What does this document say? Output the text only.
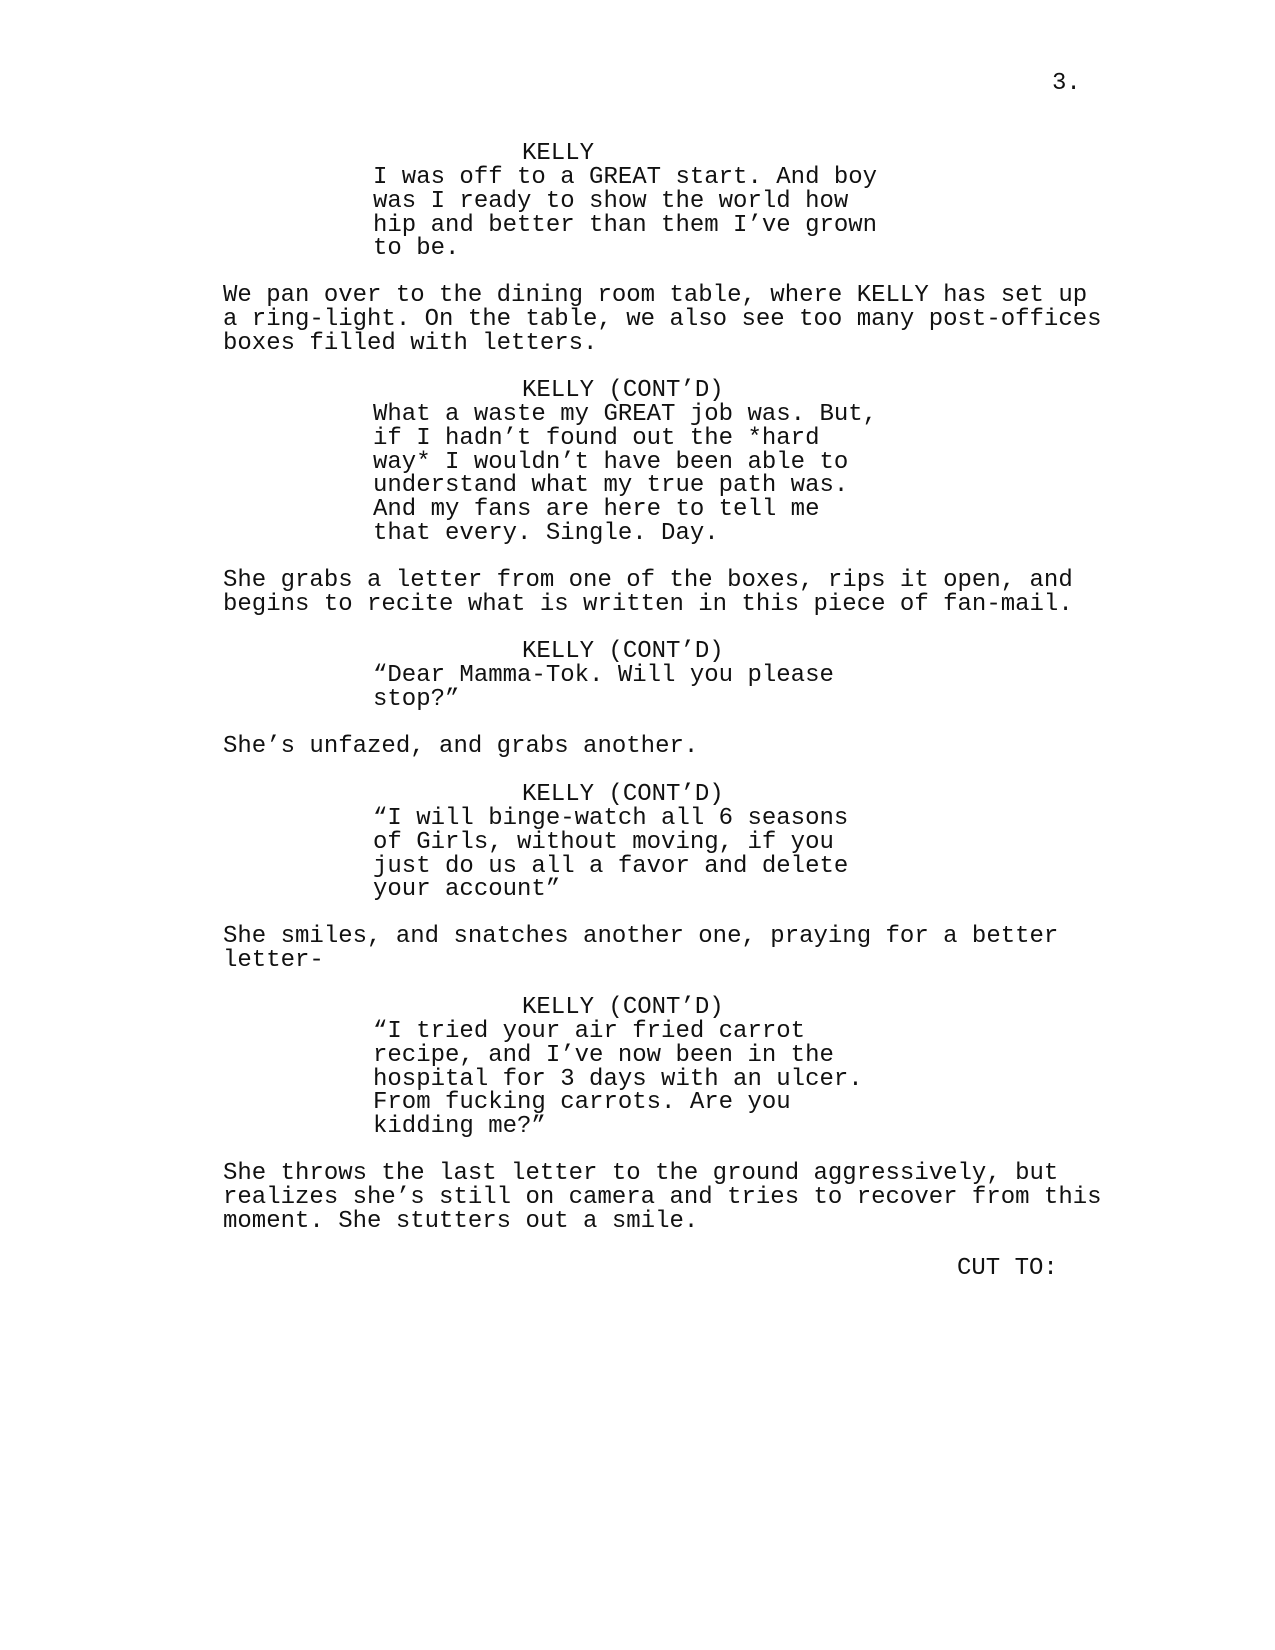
3.
KELLY
I was off to a GREAT start. And boy
was I ready to show the world how
hip and better than them I’ve grown
to be.
We pan over to the dining room table, where KELLY has set up
a ring-light. On the table, we also see too many post-offices
boxes filled with letters.
KELLY (CONT’D)
What a waste my GREAT job was. But,
if I hadn’t found out the *hard
way* I wouldn’t have been able to
understand what my true path was.
And my fans are here to tell me
that every. Single. Day.
She grabs a letter from one of the boxes, rips it open, and
begins to recite what is written in this piece of fan-mail.
KELLY (CONT’D)
“Dear Mamma-Tok. Will you please
stop?”
She’s unfazed, and grabs another.
KELLY (CONT’D)
“I will binge-watch all 6 seasons
of Girls, without moving, if you
just do us all a favor and delete
your account”
She smiles, and snatches another one, praying for a better
letter-
KELLY (CONT’D)
“I tried your air fried carrot
recipe, and I’ve now been in the
hospital for 3 days with an ulcer.
From fucking carrots. Are you
kidding me?”
She throws the last letter to the ground aggressively, but
realizes she’s still on camera and tries to recover from this
moment. She stutters out a smile.
CUT TO:
